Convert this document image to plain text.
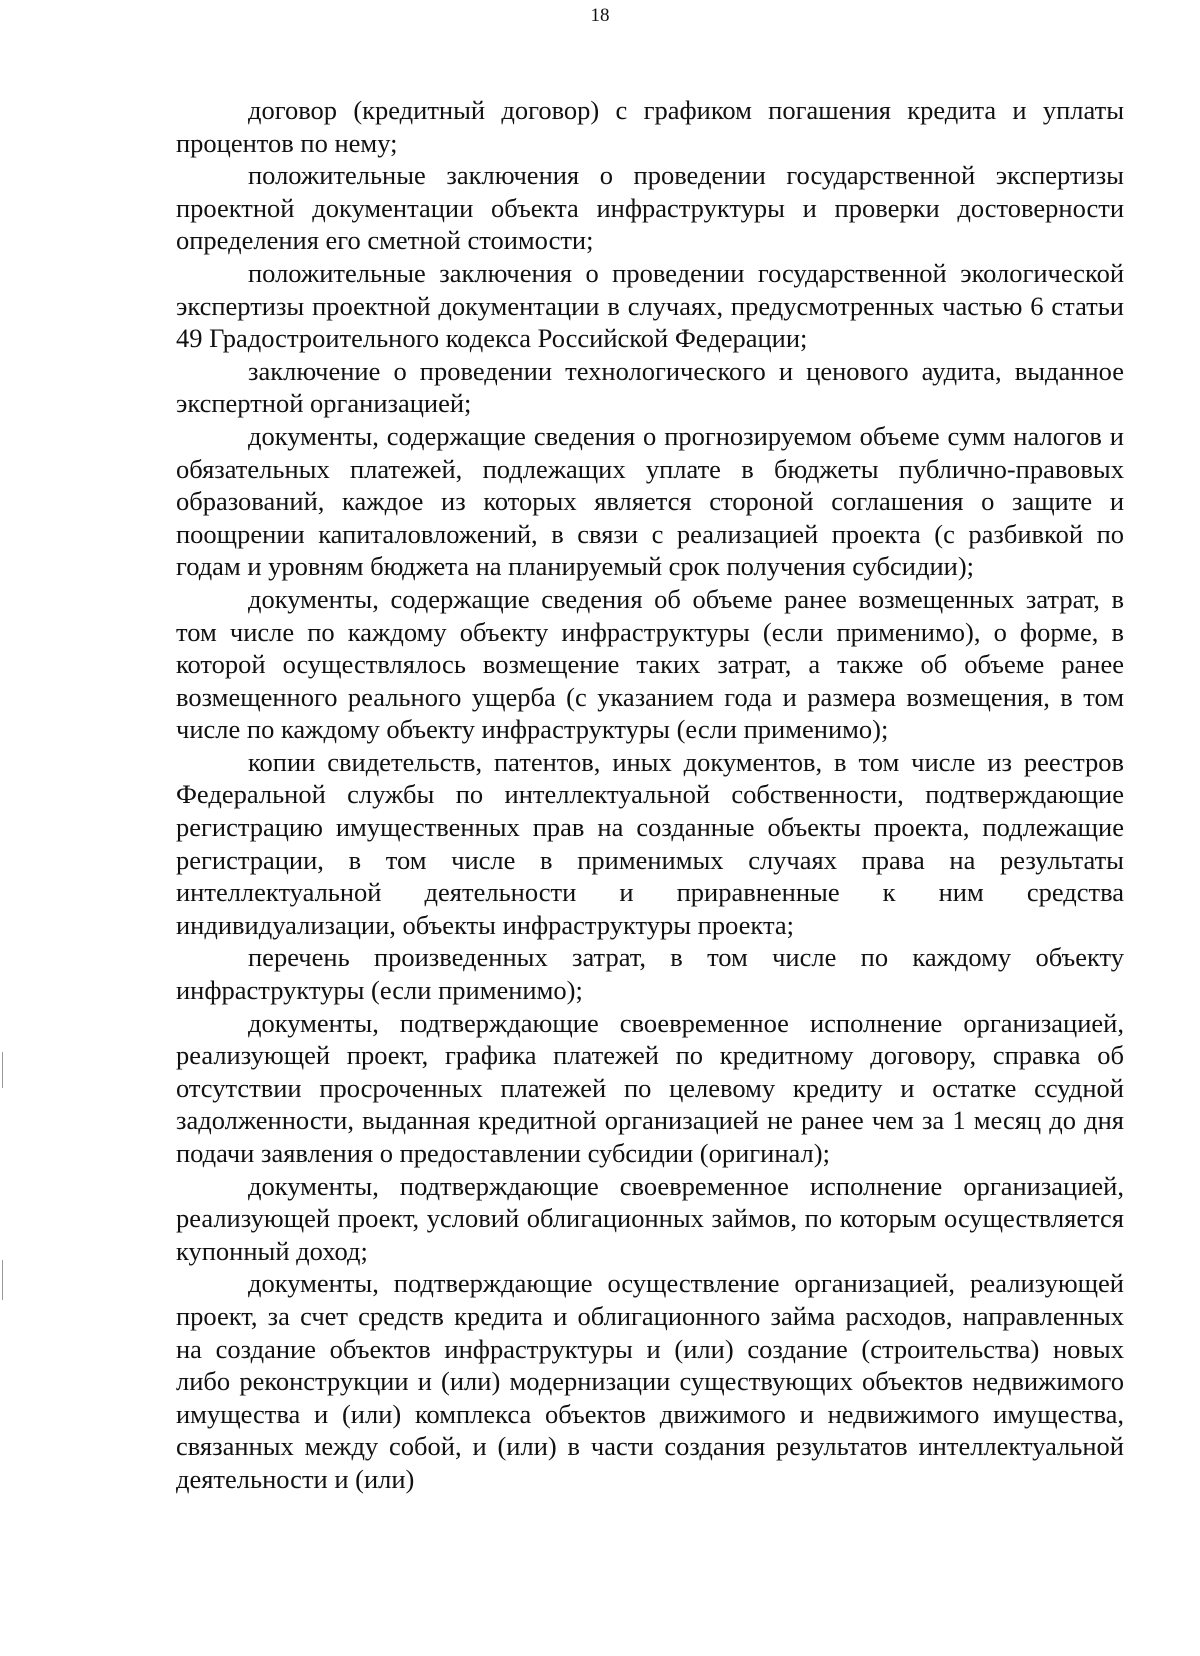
18

договор (кредитный договор) с графиком погашения кредита и уплаты процентов по нему;

положительные заключения о проведении государственной экспертизы проектной документации объекта инфраструктуры и проверки достоверности определения его сметной стоимости;

положительные заключения о проведении государственной экологической экспертизы проектной документации в случаях, предусмотренных частью 6 статьи 49 Градостроительного кодекса Российской Федерации;

заключение о проведении технологического и ценового аудита, выданное экспертной организацией;

документы, содержащие сведения о прогнозируемом объеме сумм налогов и обязательных платежей, подлежащих уплате в бюджеты публично-правовых образований, каждое из которых является стороной соглашения о защите и поощрении капиталовложений, в связи с реализацией проекта (с разбивкой по годам и уровням бюджета на планируемый срок получения субсидии);

документы, содержащие сведения об объеме ранее возмещенных затрат, в том числе по каждому объекту инфраструктуры (если применимо), о форме, в которой осуществлялось возмещение таких затрат, а также об объеме ранее возмещенного реального ущерба (с указанием года и размера возмещения, в том числе по каждому объекту инфраструктуры (если применимо);

копии свидетельств, патентов, иных документов, в том числе из реестров Федеральной службы по интеллектуальной собственности, подтверждающие регистрацию имущественных прав на созданные объекты проекта, подлежащие регистрации, в том числе в применимых случаях права на результаты интеллектуальной деятельности и приравненные к ним средства индивидуализации, объекты инфраструктуры проекта;

перечень произведенных затрат, в том числе по каждому объекту инфраструктуры (если применимо);

документы, подтверждающие своевременное исполнение организацией, реализующей проект, графика платежей по кредитному договору, справка об отсутствии просроченных платежей по целевому кредиту и остатке ссудной задолженности, выданная кредитной организацией не ранее чем за 1 месяц до дня подачи заявления о предоставлении субсидии (оригинал);

документы, подтверждающие своевременное исполнение организацией, реализующей проект, условий облигационных займов, по которым осуществляется купонный доход;

документы, подтверждающие осуществление организацией, реализующей проект, за счет средств кредита и облигационного займа расходов, направленных на создание объектов инфраструктуры и (или) создание (строительства) новых либо реконструкции и (или) модернизации существующих объектов недвижимого имущества и (или) комплекса объектов движимого и недвижимого имущества, связанных между собой, и (или) в части создания результатов интеллектуальной деятельности и (или)
